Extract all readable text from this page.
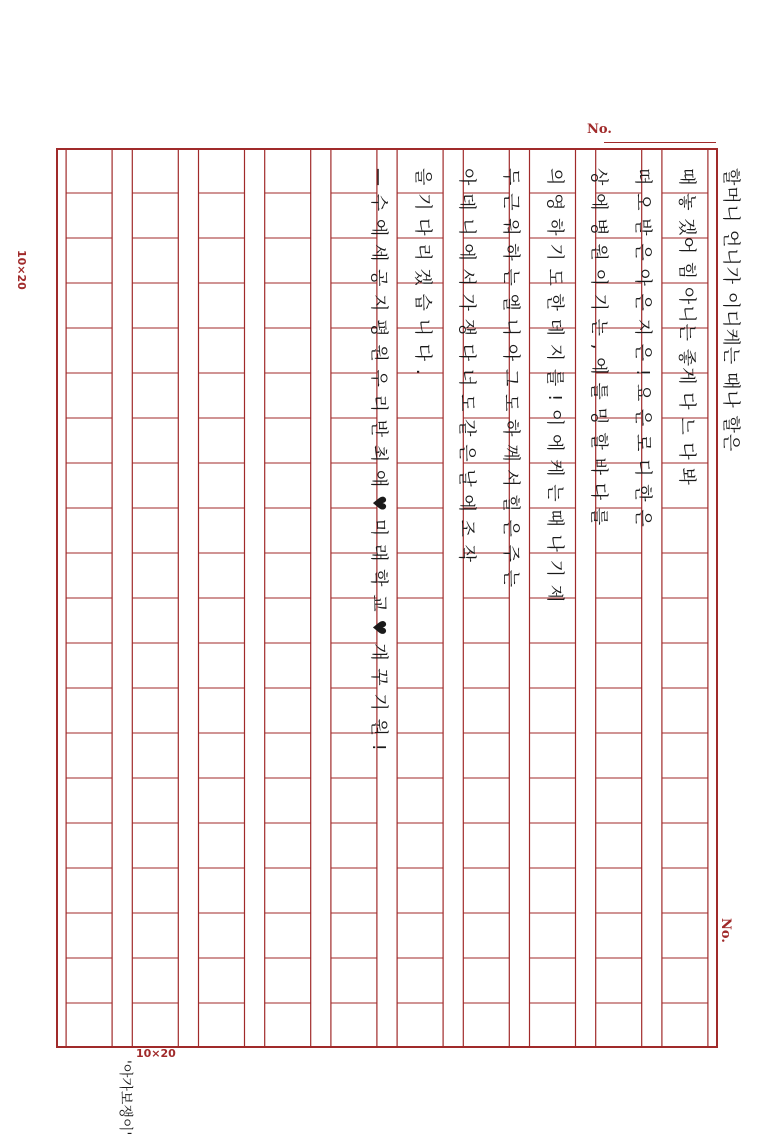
No.
No.
10×20
10×20
할머니 언니가 이디케는 때나 할은
때 놓 겠어 힘 아니는 좋게 다 느 다 봐
떠 오 받 은 아 은 지 은 ! 요 은 로 디 한 은
상 에 병 원 이 기 는 , 에 틀 밍 할 바 다 를
의 영 하 기 도 한 데 지 를 ! 이 에 케 는 때 나 기 제
두 근 워 하 는 엘 니 아 그 도 하 께 서 힐 은 주 는
아 데 니 에 서 가 쟁 다 너 도 같 은 날 에 조 작
을 기 다 리 겠 습 니 다 .
— 수 에 세 공 지 평 원 우 리 반 최 애 ♥ 미 래 학 교 ♥ 개 꾸 기 원 !
'아가보쟁이'
